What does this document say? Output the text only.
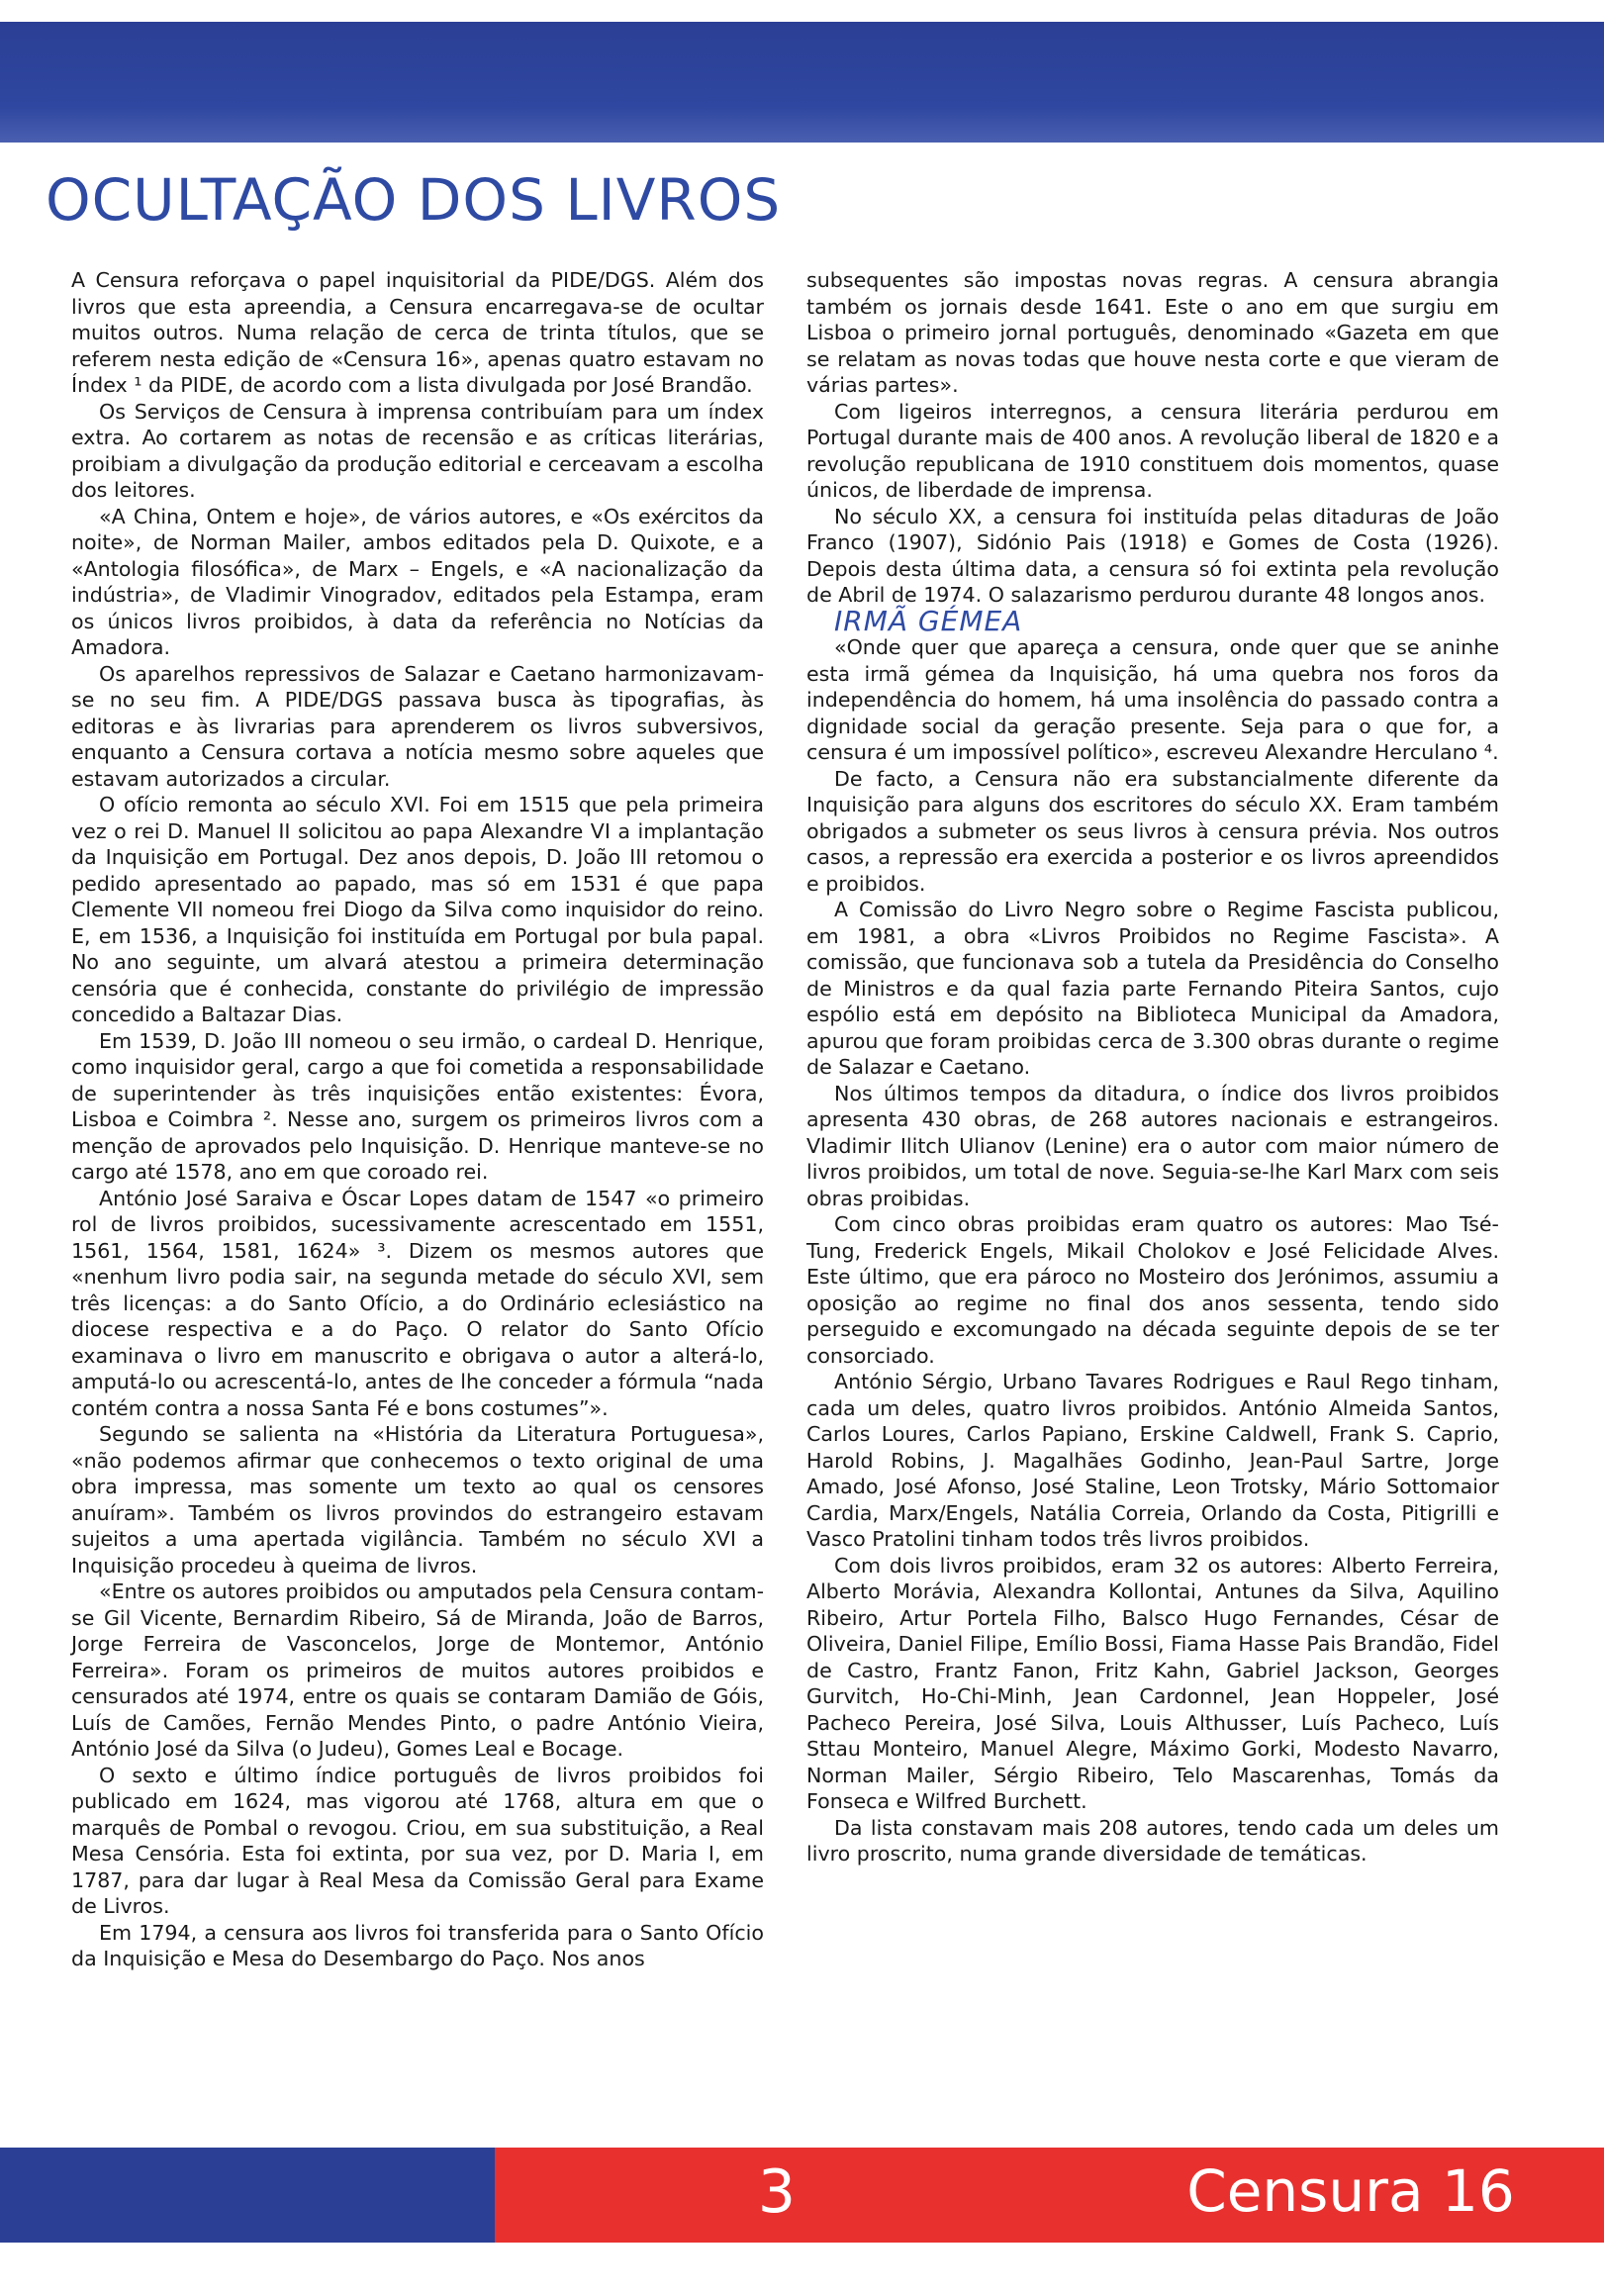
OCULTAÇÃO DOS LIVROS

A Censura reforçava o papel inquisitorial da PIDE/DGS. Além dos livros que esta apreendia, a Censura encarregava-se de ocultar muitos outros. Numa relação de cerca de trinta títulos, que se referem nesta edição de «Censura 16», apenas quatro estavam no Índex ¹ da PIDE, de acordo com a lista divulgada por José Brandão.

Os Serviços de Censura à imprensa contribuíam para um índex extra. Ao cortarem as notas de recensão e as críticas literárias, proibiam a divulgação da produção editorial e cerceavam a escolha dos leitores.

«A China, Ontem e hoje», de vários autores, e «Os exércitos da noite», de Norman Mailer, ambos editados pela D. Quixote, e a «Antologia filosófica», de Marx – Engels, e «A nacionalização da indústria», de Vladimir Vinogradov, editados pela Estampa, eram os únicos livros proibidos, à data da referência no Notícias da Amadora.

Os aparelhos repressivos de Salazar e Caetano harmonizavam-se no seu fim. A PIDE/DGS passava busca às tipografias, às editoras e às livrarias para aprenderem os livros subversivos, enquanto a Censura cortava a notícia mesmo sobre aqueles que estavam autorizados a circular.

O ofício remonta ao século XVI. Foi em 1515 que pela primeira vez o rei D. Manuel II solicitou ao papa Alexandre VI a implantação da Inquisição em Portugal. Dez anos depois, D. João III retomou o pedido apresentado ao papado, mas só em 1531 é que papa Clemente VII nomeou frei Diogo da Silva como inquisidor do reino. E, em 1536, a Inquisição foi instituída em Portugal por bula papal. No ano seguinte, um alvará atestou a primeira determinação censória que é conhecida, constante do privilégio de impressão concedido a Baltazar Dias.

Em 1539, D. João III nomeou o seu irmão, o cardeal D. Henrique, como inquisidor geral, cargo a que foi cometida a responsabilidade de superintender às três inquisições então existentes: Évora, Lisboa e Coimbra ². Nesse ano, surgem os primeiros livros com a menção de aprovados pelo Inquisição. D. Henrique manteve-se no cargo até 1578, ano em que coroado rei.

António José Saraiva e Óscar Lopes datam de 1547 «o primeiro rol de livros proibidos, sucessivamente acrescentado em 1551, 1561, 1564, 1581, 1624» ³. Dizem os mesmos autores que «nenhum livro podia sair, na segunda metade do século XVI, sem três licenças: a do Santo Ofício, a do Ordinário eclesiástico na diocese respectiva e a do Paço. O relator do Santo Ofício examinava o livro em manuscrito e obrigava o autor a alterá-lo, amputá-lo ou acrescentá-lo, antes de lhe conceder a fórmula “nada contém contra a nossa Santa Fé e bons costumes”».

Segundo se salienta na «História da Literatura Portuguesa», «não podemos afirmar que conhecemos o texto original de uma obra impressa, mas somente um texto ao qual os censores anuíram». Também os livros provindos do estrangeiro estavam sujeitos a uma apertada vigilância. Também no século XVI a Inquisição procedeu à queima de livros.

«Entre os autores proibidos ou amputados pela Censura contam-se Gil Vicente, Bernardim Ribeiro, Sá de Miranda, João de Barros, Jorge Ferreira de Vasconcelos, Jorge de Montemor, António Ferreira». Foram os primeiros de muitos autores proibidos e censurados até 1974, entre os quais se contaram Damião de Góis, Luís de Camões, Fernão Mendes Pinto, o padre António Vieira, António José da Silva (o Judeu), Gomes Leal e Bocage.

O sexto e último índice português de livros proibidos foi publicado em 1624, mas vigorou até 1768, altura em que o marquês de Pombal o revogou. Criou, em sua substituição, a Real Mesa Censória. Esta foi extinta, por sua vez, por D. Maria I, em 1787, para dar lugar à Real Mesa da Comissão Geral para Exame de Livros.

Em 1794, a censura aos livros foi transferida para o Santo Ofício da Inquisição e Mesa do Desembargo do Paço. Nos anos

subsequentes são impostas novas regras. A censura abrangia também os jornais desde 1641. Este o ano em que surgiu em Lisboa o primeiro jornal português, denominado «Gazeta em que se relatam as novas todas que houve nesta corte e que vieram de várias partes».

Com ligeiros interregnos, a censura literária perdurou em Portugal durante mais de 400 anos. A revolução liberal de 1820 e a revolução republicana de 1910 constituem dois momentos, quase únicos, de liberdade de imprensa.

No século XX, a censura foi instituída pelas ditaduras de João Franco (1907), Sidónio Pais (1918) e Gomes de Costa (1926). Depois desta última data, a censura só foi extinta pela revolução de Abril de 1974. O salazarismo perdurou durante 48 longos anos.

IRMÃ GÉMEA

«Onde quer que apareça a censura, onde quer que se aninhe esta irmã gémea da Inquisição, há uma quebra nos foros da independência do homem, há uma insolência do passado contra a dignidade social da geração presente. Seja para o que for, a censura é um impossível político», escreveu Alexandre Herculano ⁴.

De facto, a Censura não era substancialmente diferente da Inquisição para alguns dos escritores do século XX. Eram também obrigados a submeter os seus livros à censura prévia. Nos outros casos, a repressão era exercida a posterior e os livros apreendidos e proibidos.

A Comissão do Livro Negro sobre o Regime Fascista publicou, em 1981, a obra «Livros Proibidos no Regime Fascista». A comissão, que funcionava sob a tutela da Presidência do Conselho de Ministros e da qual fazia parte Fernando Piteira Santos, cujo espólio está em depósito na Biblioteca Municipal da Amadora, apurou que foram proibidas cerca de 3.300 obras durante o regime de Salazar e Caetano.

Nos últimos tempos da ditadura, o índice dos livros proibidos apresenta 430 obras, de 268 autores nacionais e estrangeiros. Vladimir Ilitch Ulianov (Lenine) era o autor com maior número de livros proibidos, um total de nove. Seguia-se-lhe Karl Marx com seis obras proibidas.

Com cinco obras proibidas eram quatro os autores: Mao Tsé-Tung, Frederick Engels, Mikail Cholokov e José Felicidade Alves. Este último, que era pároco no Mosteiro dos Jerónimos, assumiu a oposição ao regime no final dos anos sessenta, tendo sido perseguido e excomungado na década seguinte depois de se ter consorciado.

António Sérgio, Urbano Tavares Rodrigues e Raul Rego tinham, cada um deles, quatro livros proibidos. António Almeida Santos, Carlos Loures, Carlos Papiano, Erskine Caldwell, Frank S. Caprio, Harold Robins, J. Magalhães Godinho, Jean-Paul Sartre, Jorge Amado, José Afonso, José Staline, Leon Trotsky, Mário Sottomaior Cardia, Marx/Engels, Natália Correia, Orlando da Costa, Pitigrilli e Vasco Pratolini tinham todos três livros proibidos.

Com dois livros proibidos, eram 32 os autores: Alberto Ferreira, Alberto Morávia, Alexandra Kollontai, Antunes da Silva, Aquilino Ribeiro, Artur Portela Filho, Balsco Hugo Fernandes, César de Oliveira, Daniel Filipe, Emílio Bossi, Fiama Hasse Pais Brandão, Fidel de Castro, Frantz Fanon, Fritz Kahn, Gabriel Jackson, Georges Gurvitch, Ho-Chi-Minh, Jean Cardonnel, Jean Hoppeler, José Pacheco Pereira, José Silva, Louis Althusser, Luís Pacheco, Luís Sttau Monteiro, Manuel Alegre, Máximo Gorki, Modesto Navarro, Norman Mailer, Sérgio Ribeiro, Telo Mascarenhas, Tomás da Fonseca e Wilfred Burchett.

Da lista constavam mais 208 autores, tendo cada um deles um livro proscrito, numa grande diversidade de temáticas.

3	Censura 16
